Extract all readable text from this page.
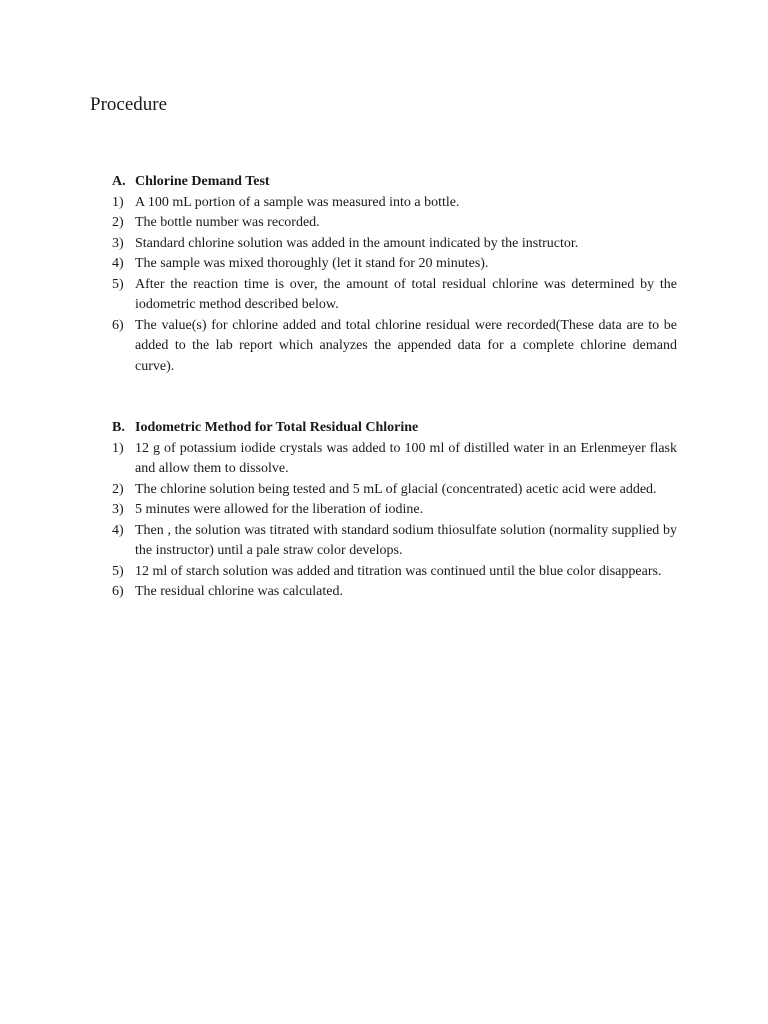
Procedure
A. Chlorine Demand Test
1) A 100 mL portion of a sample was measured into a bottle.
2) The bottle number was recorded.
3) Standard chlorine solution was added in the amount indicated by the instructor.
4) The sample was mixed thoroughly (let it stand for 20 minutes).
5) After the reaction time is over, the amount of total residual chlorine was determined by the iodometric method described below.
6) The value(s) for chlorine added and total chlorine residual were recorded(These data are to be added to the lab report which analyzes the appended data for a complete chlorine demand curve).
B. Iodometric Method for Total Residual Chlorine
1) 12 g of potassium iodide crystals was added to 100 ml of distilled water in an Erlenmeyer flask and allow them to dissolve.
2) The chlorine solution being tested and 5 mL of glacial (concentrated) acetic acid were added.
3) 5 minutes were allowed for the liberation of iodine.
4) Then , the solution was titrated with standard sodium thiosulfate solution (normality supplied by the instructor) until a pale straw color develops.
5) 12 ml of starch solution was added and titration was continued until the blue color disappears.
6) The residual chlorine was calculated.
